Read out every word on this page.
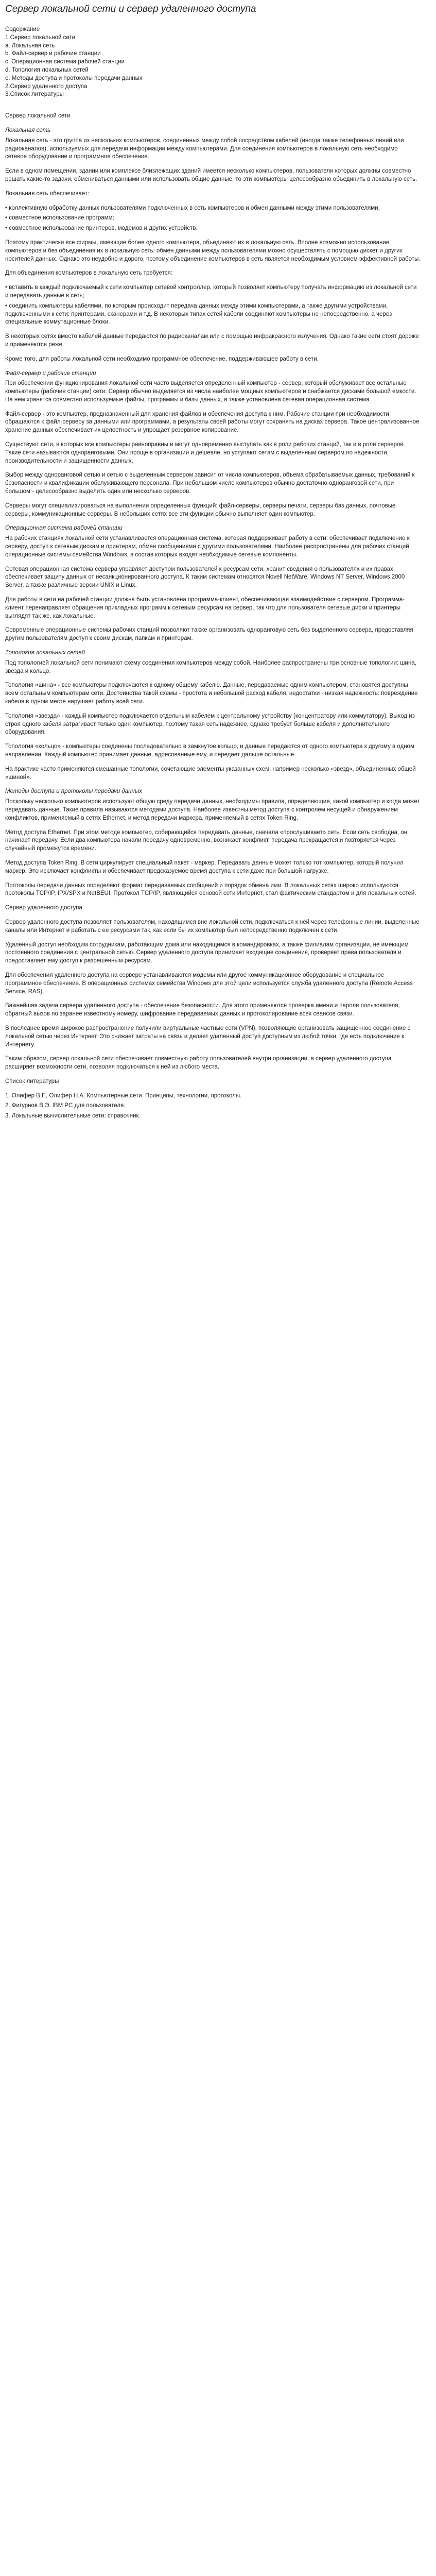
Сервер локальной сети и сервер удаленного доступа

Содержание

1.Сервер локальной сети

а. Локальная сеть

b. Файл-сервер и рабочие станции

c. Операционная система рабочей станции

d. Топология локальных сетей

e. Методы доступа и протоколы передачи данных

2.Сервер удаленного доступа

3.Список литературы

Сервер локальной сети
Локальная сеть

Локальная сеть - это группа из нескольких компьютеров, соединенных между собой посредством кабелей (иногда также телефонных линий или радиоканалов), используемых для передачи информации между компьютерами. Для соединения компьютеров в локальную сеть необходимо сетевое оборудование и программное обеспечение.

Если в одном помещении, здании или комплексе близлежащих зданий имеется несколько компьютеров, пользователи которых должны совместно решать какие-то задачи, обмениваться данными или использовать общие данные, то эти компьютеры целесообразно объединить в локальную сеть.

Локальная сеть обеспечивает:

• коллективную обработку данных пользователями подключенных в сеть компьютеров и обмен данными между этими пользователями;
• совместное использование программ;
• совместное использование принтеров, модемов и других устройств.

Поэтому практически все фирмы, имеющие более одного компьютера, объединяют их в локальную сеть. Вполне возможно использование компьютеров и без объединения их в локальную сеть: обмен данными между пользователями можно осуществлять с помощью дискет и других носителей данных. Однако это неудобно и дорого, поэтому объединение компьютеров в сеть является необходимым условием эффективной работы.

Для объединения компьютеров в локальную сеть требуется:

• вставить в каждый подключаемый к сети компьютер сетевой контроллер, который позволяет компьютеру получать информацию из локальной сети и передавать данные в сеть;
• соединить компьютеры кабелями, по которым происходит передача данных между этими компьютерами, а также другими устройствами, подключенными к сети: принтерами, сканерами и т.д. В некоторых типах сетей кабели соединяют компьютеры не непосредственно, а через специальные коммутационные блоки.

В некоторых сетях вместо кабелей данные передаются по радиоканалам или с помощью инфракрасного излучения. Однако такие сети стоят дороже и применяются реже.

Кроме того, для работы локальной сети необходимо программное обеспечение, поддерживающее работу в сети.

Файл-сервер и рабочие станции

При обеспечении функционирования локальной сети часто выделяется определенный компьютер - сервер, который обслуживает все остальные компьютеры (рабочие станции) сети. Сервер обычно выделяется из числа наиболее мощных компьютеров и снабжается дисками большой емкости. На нем хранятся совместно используемые файлы, программы и базы данных, а также установлена сетевая операционная система.

Файл-сервер - это компьютер, предназначенный для хранения файлов и обеспечения доступа к ним. Рабочие станции при необходимости обращаются к файл-серверу за данными или программами, а результаты своей работы могут сохранять на дисках сервера. Такое централизованное хранение данных обеспечивает их целостность и упрощает резервное копирование.

Существуют сети, в которых все компьютеры равноправны и могут одновременно выступать как в роли рабочих станций, так и в роли серверов. Такие сети называются одноранговыми. Они проще в организации и дешевле, но уступают сетям с выделенным сервером по надежности, производительности и защищенности данных.

Выбор между одноранговой сетью и сетью с выделенным сервером зависит от числа компьютеров, объема обрабатываемых данных, требований к безопасности и квалификации обслуживающего персонала. При небольшом числе компьютеров обычно достаточно одноранговой сети, при большом - целесообразно выделить один или несколько серверов.

Серверы могут специализироваться на выполнении определенных функций: файл-серверы, серверы печати, серверы баз данных, почтовые серверы, коммуникационные серверы. В небольших сетях все эти функции обычно выполняет один компьютер.

Операционная система рабочей станции

На рабочих станциях локальной сети устанавливается операционная система, которая поддерживает работу в сети: обеспечивает подключение к серверу, доступ к сетевым дискам и принтерам, обмен сообщениями с другими пользователями. Наиболее распространены для рабочих станций операционные системы семейства Windows, в состав которых входят необходимые сетевые компоненты.

Сетевая операционная система сервера управляет доступом пользователей к ресурсам сети, хранит сведения о пользователях и их правах, обеспечивает защиту данных от несанкционированного доступа. К таким системам относятся Novell NetWare, Windows NT Server, Windows 2000 Server, а также различные версии UNIX и Linux.

Для работы в сети на рабочей станции должна быть установлена программа-клиент, обеспечивающая взаимодействие с сервером. Программа-клиент перенаправляет обращения прикладных программ к сетевым ресурсам на сервер, так что для пользователя сетевые диски и принтеры выглядят так же, как локальные.

Современные операционные системы рабочих станций позволяют также организовать одноранговую сеть без выделенного сервера, предоставляя другим пользователям доступ к своим дискам, папкам и принтерам.

Топология локальных сетей

Под топологией локальной сети понимают схему соединения компьютеров между собой. Наиболее распространены три основные топологии: шина, звезда и кольцо.

Топология «шина» - все компьютеры подключаются к одному общему кабелю. Данные, передаваемые одним компьютером, становятся доступны всем остальным компьютерам сети. Достоинства такой схемы - простота и небольшой расход кабеля, недостатки - низкая надежность: повреждение кабеля в одном месте нарушает работу всей сети.

Топология «звезда» - каждый компьютер подключается отдельным кабелем к центральному устройству (концентратору или коммутатору). Выход из строя одного кабеля затрагивает только один компьютер, поэтому такая сеть надежнее, однако требует больше кабеля и дополнительного оборудования.

Топология «кольцо» - компьютеры соединены последовательно в замкнутое кольцо, и данные передаются от одного компьютера к другому в одном направлении. Каждый компьютер принимает данные, адресованные ему, и передает дальше остальные.

На практике часто применяются смешанные топологии, сочетающие элементы указанных схем, например несколько «звезд», объединенных общей «шиной».

Методы доступа и протоколы передачи данных

Поскольку несколько компьютеров используют общую среду передачи данных, необходимы правила, определяющие, какой компьютер и когда может передавать данные. Такие правила называются методами доступа. Наиболее известны метод доступа с контролем несущей и обнаружением конфликтов, применяемый в сетях Ethernet, и метод передачи маркера, применяемый в сетях Token Ring.

Метод доступа Ethernet. При этом методе компьютер, собирающийся передавать данные, сначала «прослушивает» сеть. Если сеть свободна, он начинает передачу. Если два компьютера начали передачу одновременно, возникает конфликт, передача прекращается и повторяется через случайный промежуток времени.

Метод доступа Token Ring. В сети циркулирует специальный пакет - маркер. Передавать данные может только тот компьютер, который получил маркер. Это исключает конфликты и обеспечивает предсказуемое время доступа к сети даже при большой нагрузке.

Протоколы передачи данных определяют формат передаваемых сообщений и порядок обмена ими. В локальных сетях широко используются протоколы TCP/IP, IPX/SPX и NetBEUI. Протокол TCP/IP, являющийся основой сети Интернет, стал фактическим стандартом и для локальных сетей.

Сервер удаленного доступа

Сервер удаленного доступа позволяет пользователям, находящимся вне локальной сети, подключаться к ней через телефонные линии, выделенные каналы или Интернет и работать с ее ресурсами так, как если бы их компьютер был непосредственно подключен к сети.

Удаленный доступ необходим сотрудникам, работающим дома или находящимся в командировках, а также филиалам организации, не имеющим постоянного соединения с центральной сетью. Сервер удаленного доступа принимает входящие соединения, проверяет права пользователя и предоставляет ему доступ к разрешенным ресурсам.

Для обеспечения удаленного доступа на сервере устанавливаются модемы или другое коммуникационное оборудование и специальное программное обеспечение. В операционных системах семейства Windows для этой цели используется служба удаленного доступа (Remote Access Service, RAS).

Важнейшая задача сервера удаленного доступа - обеспечение безопасности. Для этого применяются проверка имени и пароля пользователя, обратный вызов по заранее известному номеру, шифрование передаваемых данных и протоколирование всех сеансов связи.

В последнее время широкое распространение получили виртуальные частные сети (VPN), позволяющие организовать защищенное соединение с локальной сетью через Интернет. Это снижает затраты на связь и делает удаленный доступ доступным из любой точки, где есть подключение к Интернету.

Таким образом, сервер локальной сети обеспечивает совместную работу пользователей внутри организации, а сервер удаленного доступа расширяет возможности сети, позволяя подключаться к ней из любого места.

Список литературы
1. Олифер В.Г., Олифер Н.А. Компьютерные сети. Принципы, технологии, протоколы.
2. Фигурнов В.Э. IBM PC для пользователя.
3. Локальные вычислительные сети: справочник.
